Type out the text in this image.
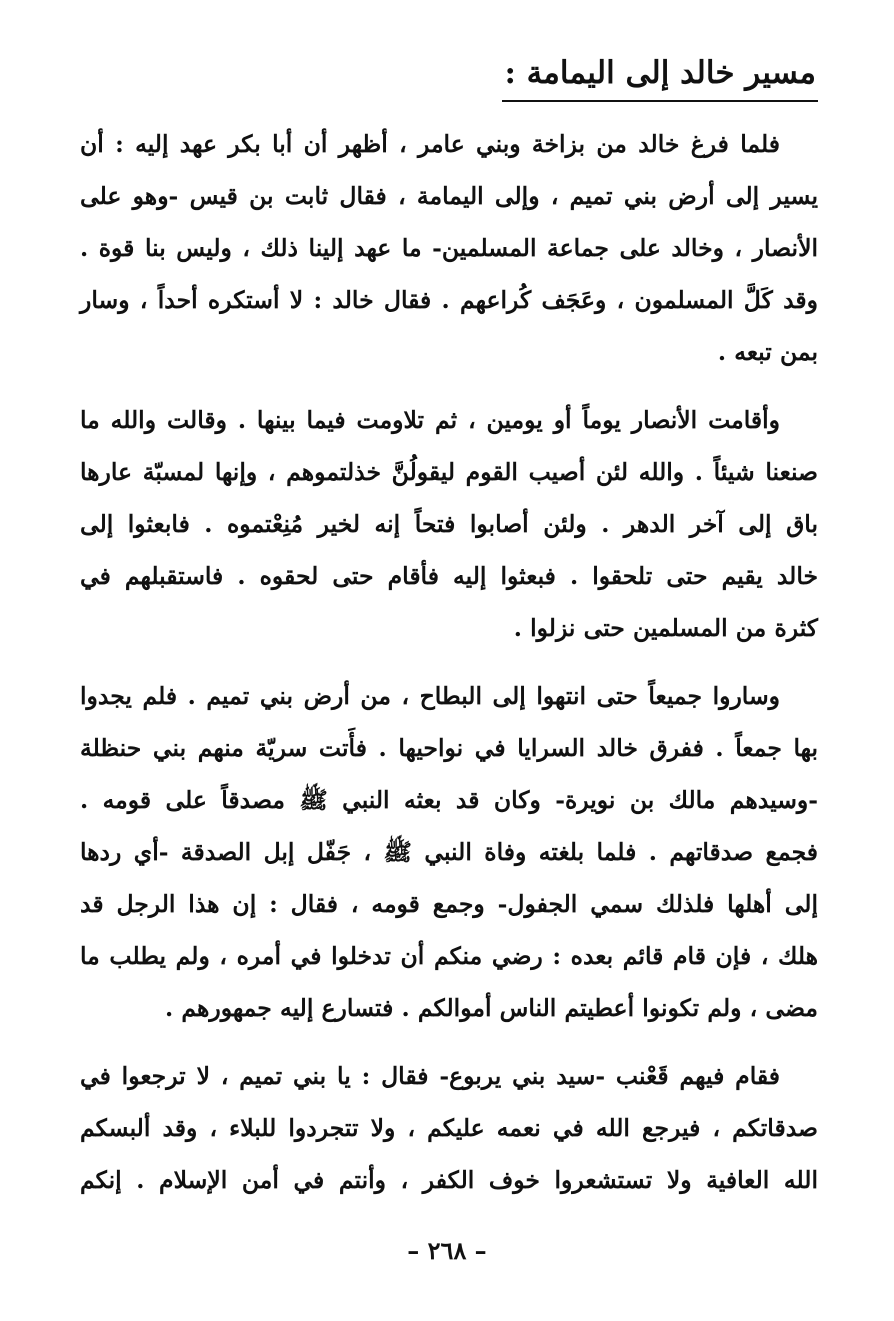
مسير خالد إلى اليمامة :

فلما فرغ خالد من بزاخة وبني عامر ، أظهر أن أبا بكر عهد إليه : أن
يسير إلى أرض بني تميم ، وإلى اليمامة ، فقال ثابت بن قيس -وهو على
الأنصار ، وخالد على جماعة المسلمين- ما عهد إلينا ذلك ، وليس بنا قوة .
وقد كَلَّ المسلمون ، وعَجَف كُراعهم . فقال خالد : لا أستكره أحداً ، وسار
بمن تبعه .

وأقامت الأنصار يوماً أو يومين ، ثم تلاومت فيما بينها . وقالت والله ما
صنعنا شيئاً . والله لئن أصيب القوم ليقولُنَّ خذلتموهم ، وإنها لمسبّة عارها
باق إلى آخر الدهر . ولئن أصابوا فتحاً إنه لخير مُنِعْتموه . فابعثوا إلى
خالد يقيم حتى تلحقوا . فبعثوا إليه فأقام حتى لحقوه . فاستقبلهم في
كثرة من المسلمين حتى نزلوا .

وساروا جميعاً حتى انتهوا إلى البطاح ، من أرض بني تميم . فلم يجدوا
بها جمعاً . ففرق خالد السرايا في نواحيها . فأَتت سريّة منهم بني حنظلة
-وسيدهم مالك بن نويرة- وكان قد بعثه النبي ﷺ مصدقاً على قومه .
فجمع صدقاتهم . فلما بلغته وفاة النبي ﷺ ، جَفّل إبل الصدقة -أي ردها
إلى أهلها فلذلك سمي الجفول- وجمع قومه ، فقال : إن هذا الرجل قد
هلك ، فإن قام قائم بعده : رضي منكم أن تدخلوا في أمره ، ولم يطلب ما
مضى ، ولم تكونوا أعطيتم الناس أموالكم . فتسارع إليه جمهورهم .

فقام فيهم قَعْنب -سيد بني يربوع- فقال : يا بني تميم ، لا ترجعوا في
صدقاتكم ، فيرجع الله في نعمه عليكم ، ولا تتجردوا للبلاء ، وقد ألبسكم
الله العافية ولا تستشعروا خوف الكفر ، وأنتم في أمن الإسلام . إنكم

– ٢٦٨ –
